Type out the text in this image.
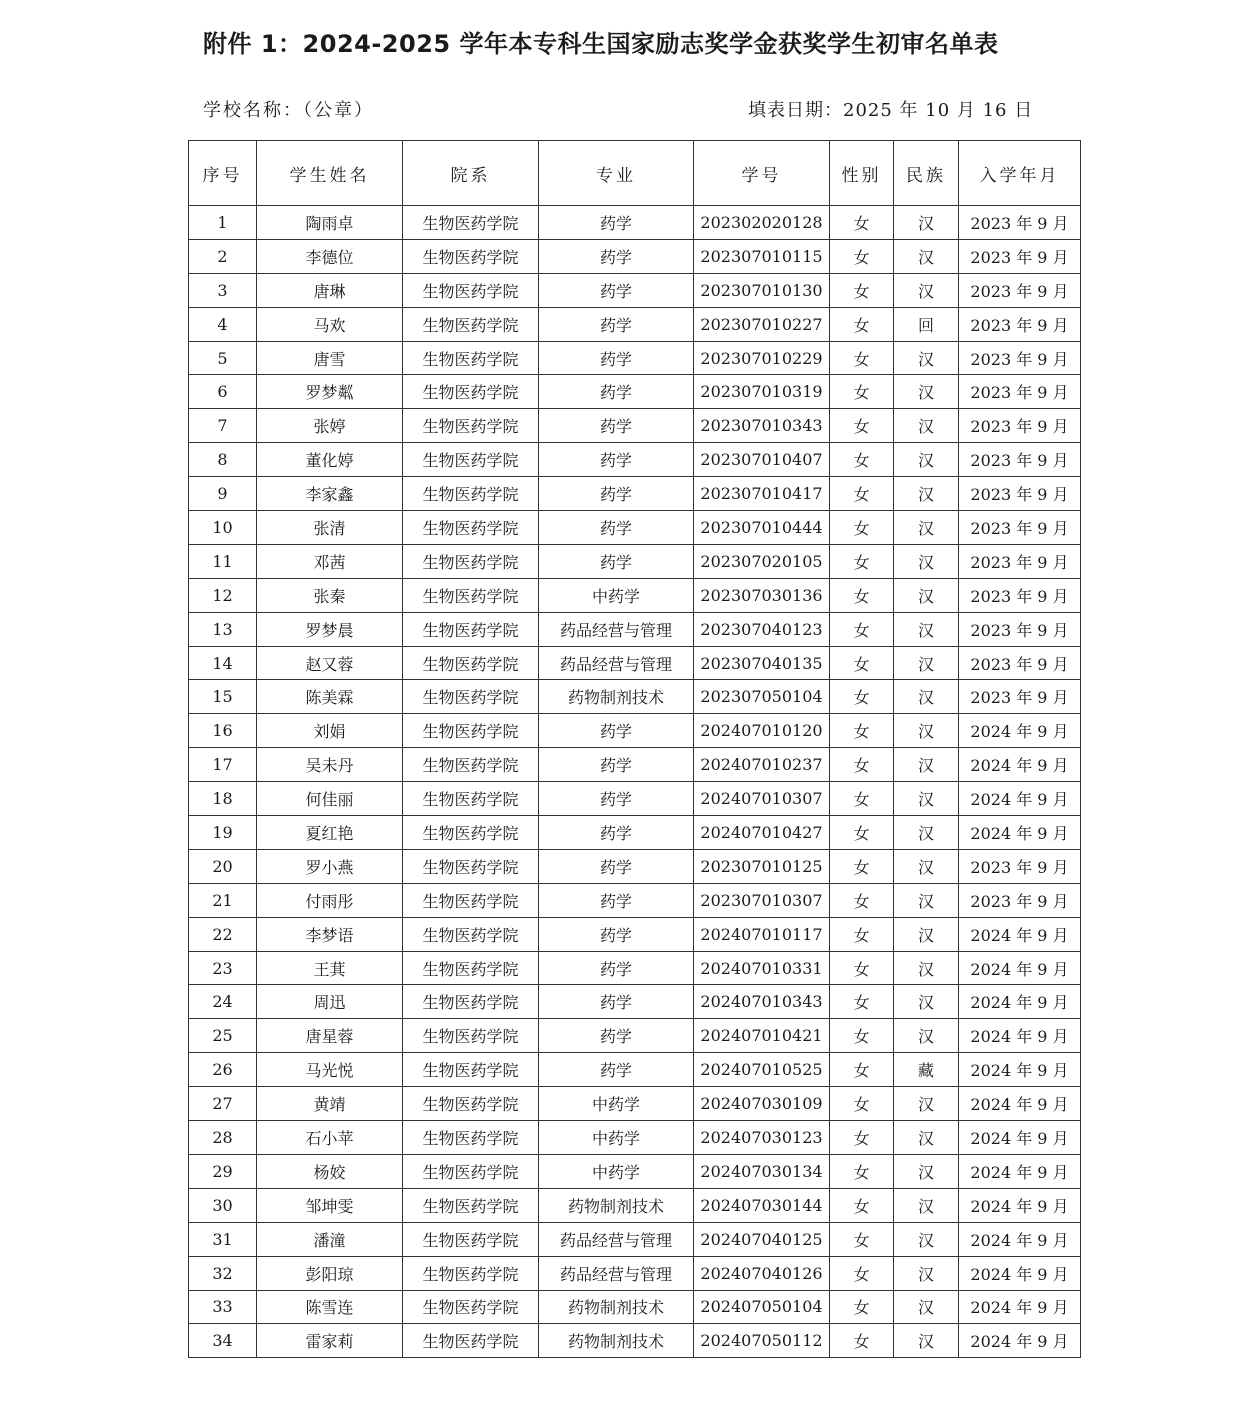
附件 1：2024-2025 学年本专科生国家励志奖学金获奖学生初审名单表
学校名称：（公章）	填表日期：2025 年 10 月 16 日
序号	学生姓名	院系	专业	学号	性别	民族	入学年月
1	陶雨卓	生物医药学院	药学	202302020128	女	汉	2023 年 9 月
2	李德位	生物医药学院	药学	202307010115	女	汉	2023 年 9 月
3	唐琳	生物医药学院	药学	202307010130	女	汉	2023 年 9 月
4	马欢	生物医药学院	药学	202307010227	女	回	2023 年 9 月
5	唐雪	生物医药学院	药学	202307010229	女	汉	2023 年 9 月
6	罗梦粼	生物医药学院	药学	202307010319	女	汉	2023 年 9 月
7	张婷	生物医药学院	药学	202307010343	女	汉	2023 年 9 月
8	董化婷	生物医药学院	药学	202307010407	女	汉	2023 年 9 月
9	李家鑫	生物医药学院	药学	202307010417	女	汉	2023 年 9 月
10	张清	生物医药学院	药学	202307010444	女	汉	2023 年 9 月
11	邓茜	生物医药学院	药学	202307020105	女	汉	2023 年 9 月
12	张秦	生物医药学院	中药学	202307030136	女	汉	2023 年 9 月
13	罗梦晨	生物医药学院	药品经营与管理	202307040123	女	汉	2023 年 9 月
14	赵又蓉	生物医药学院	药品经营与管理	202307040135	女	汉	2023 年 9 月
15	陈美霖	生物医药学院	药物制剂技术	202307050104	女	汉	2023 年 9 月
16	刘娟	生物医药学院	药学	202407010120	女	汉	2024 年 9 月
17	吴未丹	生物医药学院	药学	202407010237	女	汉	2024 年 9 月
18	何佳丽	生物医药学院	药学	202407010307	女	汉	2024 年 9 月
19	夏红艳	生物医药学院	药学	202407010427	女	汉	2024 年 9 月
20	罗小燕	生物医药学院	药学	202307010125	女	汉	2023 年 9 月
21	付雨彤	生物医药学院	药学	202307010307	女	汉	2023 年 9 月
22	李梦语	生物医药学院	药学	202407010117	女	汉	2024 年 9 月
23	王萁	生物医药学院	药学	202407010331	女	汉	2024 年 9 月
24	周迅	生物医药学院	药学	202407010343	女	汉	2024 年 9 月
25	唐星蓉	生物医药学院	药学	202407010421	女	汉	2024 年 9 月
26	马光悦	生物医药学院	药学	202407010525	女	藏	2024 年 9 月
27	黄靖	生物医药学院	中药学	202407030109	女	汉	2024 年 9 月
28	石小苹	生物医药学院	中药学	202407030123	女	汉	2024 年 9 月
29	杨姣	生物医药学院	中药学	202407030134	女	汉	2024 年 9 月
30	邹坤雯	生物医药学院	药物制剂技术	202407030144	女	汉	2024 年 9 月
31	潘潼	生物医药学院	药品经营与管理	202407040125	女	汉	2024 年 9 月
32	彭阳琼	生物医药学院	药品经营与管理	202407040126	女	汉	2024 年 9 月
33	陈雪连	生物医药学院	药物制剂技术	202407050104	女	汉	2024 年 9 月
34	雷家莉	生物医药学院	药物制剂技术	202407050112	女	汉	2024 年 9 月
